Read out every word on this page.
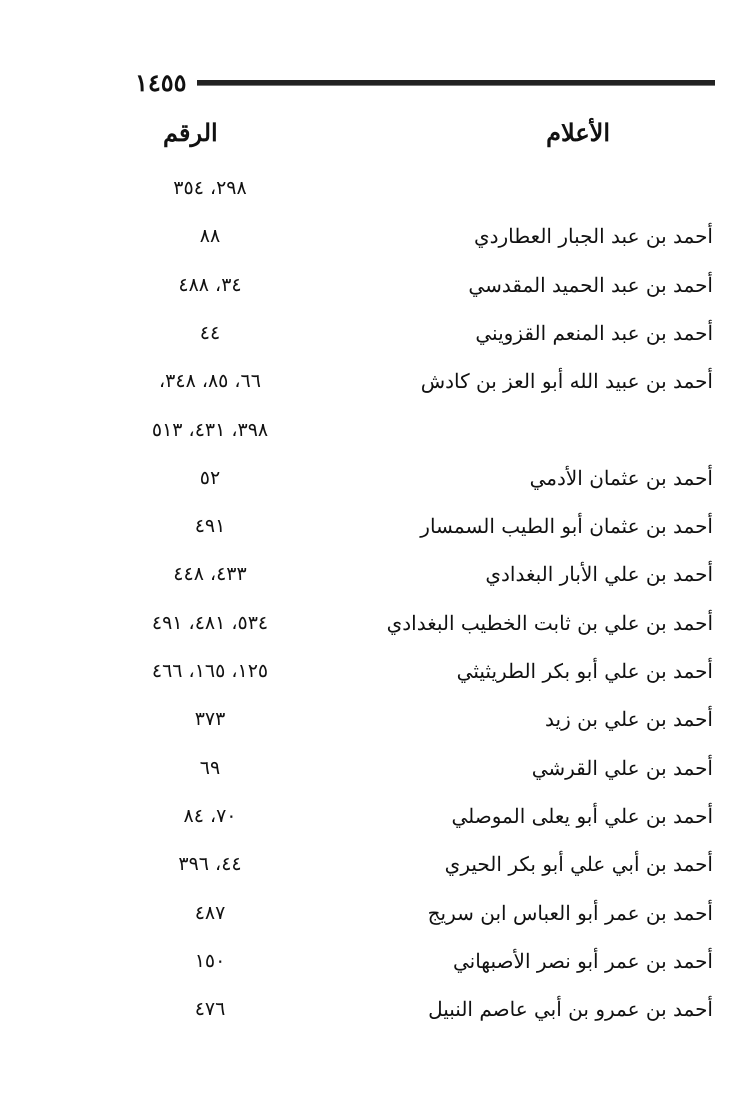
١٤٥٥
الأعلام
الرقم
٢٩٨، ٣٥٤
أحمد بن عبد الجبار العطاردي
٨٨
أحمد بن عبد الحميد المقدسي
٣٤، ٤٨٨
أحمد بن عبد المنعم القزويني
٤٤
أحمد بن عبيد الله أبو العز بن كادش
٦٦، ٨٥، ٣٤٨،
٣٩٨، ٤٣١، ٥١٣
أحمد بن عثمان الأدمي
٥٢
أحمد بن عثمان أبو الطيب السمسار
٤٩١
أحمد بن علي الأبار البغدادي
٤٣٣، ٤٤٨
أحمد بن علي بن ثابت الخطيب البغدادي
٥٣٤، ٤٨١، ٤٩١
أحمد بن علي أبو بكر الطريثيثي
١٢٥، ١٦٥، ٤٦٦
أحمد بن علي بن زيد
٣٧٣
أحمد بن علي القرشي
٦٩
أحمد بن علي أبو يعلى الموصلي
٧٠، ٨٤
أحمد بن أبي علي أبو بكر الحيري
٤٤، ٣٩٦
أحمد بن عمر أبو العباس ابن سريج
٤٨٧
أحمد بن عمر أبو نصر الأصبهاني
١٥٠
أحمد بن عمرو بن أبي عاصم النبيل
٤٧٦
